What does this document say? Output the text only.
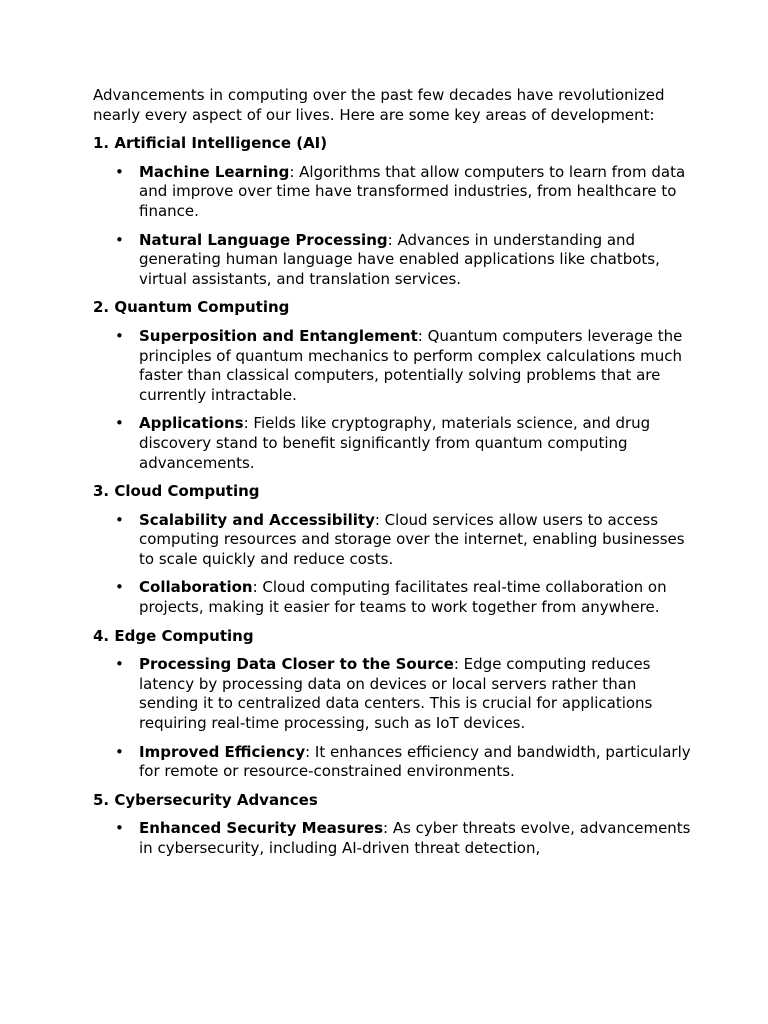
Advancements in computing over the past few decades have revolutionized nearly every aspect of our lives. Here are some key areas of development:

1. Artificial Intelligence (AI)
• Machine Learning: Algorithms that allow computers to learn from data and improve over time have transformed industries, from healthcare to finance.
• Natural Language Processing: Advances in understanding and generating human language have enabled applications like chatbots, virtual assistants, and translation services.
2. Quantum Computing
• Superposition and Entanglement: Quantum computers leverage the principles of quantum mechanics to perform complex calculations much faster than classical computers, potentially solving problems that are currently intractable.
• Applications: Fields like cryptography, materials science, and drug discovery stand to benefit significantly from quantum computing advancements.
3. Cloud Computing
• Scalability and Accessibility: Cloud services allow users to access computing resources and storage over the internet, enabling businesses to scale quickly and reduce costs.
• Collaboration: Cloud computing facilitates real-time collaboration on projects, making it easier for teams to work together from anywhere.
4. Edge Computing
• Processing Data Closer to the Source: Edge computing reduces latency by processing data on devices or local servers rather than sending it to centralized data centers. This is crucial for applications requiring real-time processing, such as IoT devices.
• Improved Efficiency: It enhances efficiency and bandwidth, particularly for remote or resource-constrained environments.
5. Cybersecurity Advances
• Enhanced Security Measures: As cyber threats evolve, advancements in cybersecurity, including AI-driven threat detection,
